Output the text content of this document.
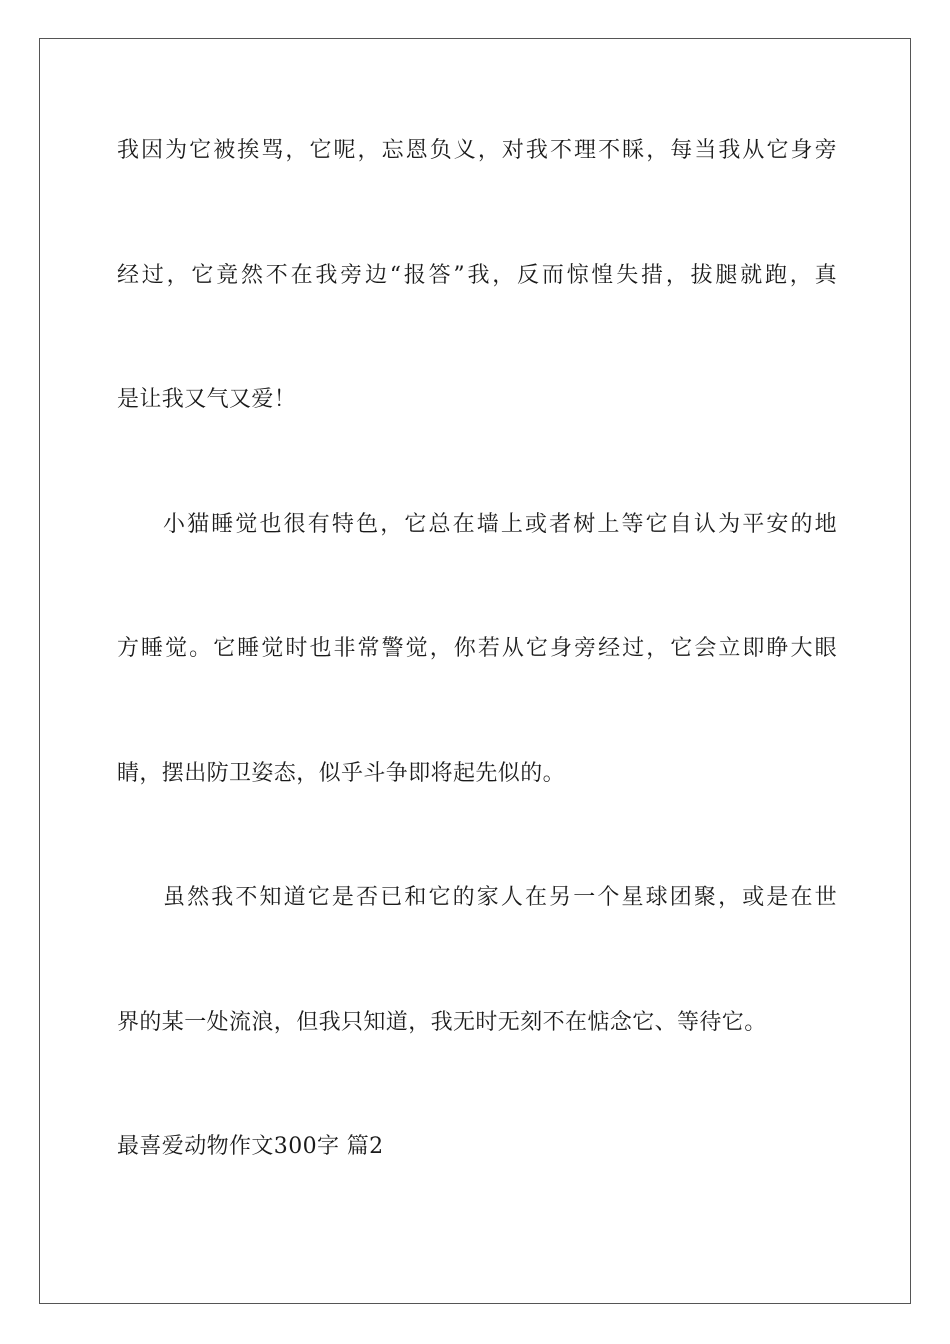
我因为它被挨骂，它呢，忘恩负义，对我不理不睬，每当我从它身旁
经过，它竟然不在我旁边“报答”我，反而惊惶失措，拔腿就跑，真
是让我又气又爱！
小猫睡觉也很有特色，它总在墙上或者树上等它自认为平安的地
方睡觉。它睡觉时也非常警觉，你若从它身旁经过，它会立即睁大眼
睛，摆出防卫姿态，似乎斗争即将起先似的。
虽然我不知道它是否已和它的家人在另一个星球团聚，或是在世
界的某一处流浪，但我只知道，我无时无刻不在惦念它、等待它。
最喜爱动物作文300字 篇2
